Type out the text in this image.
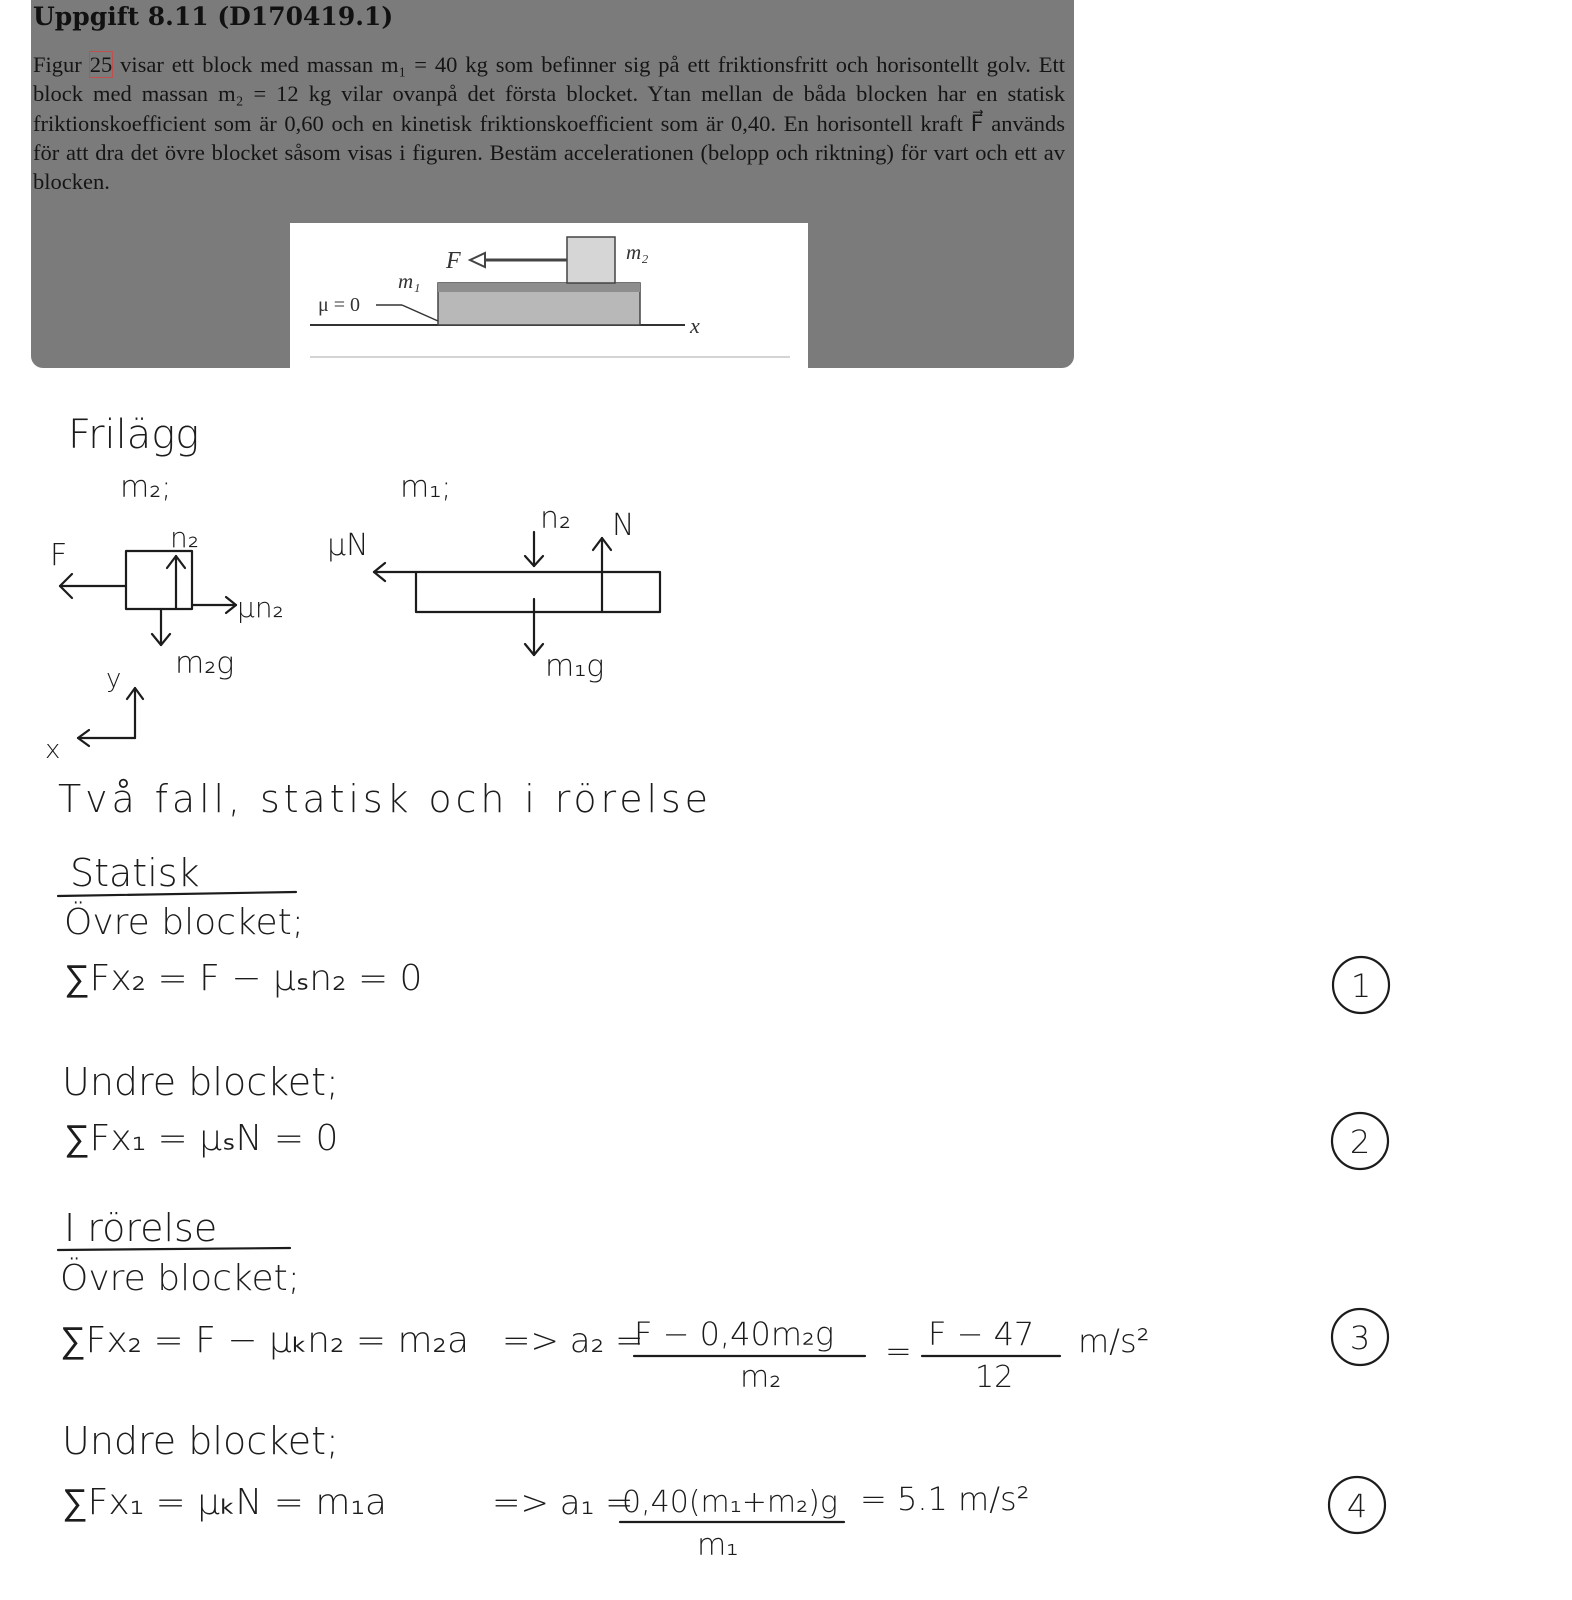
Uppgift 8.11 (D170419.1)

Figur 25 visar ett block med massan m₁ = 40 kg som befinner sig på ett friktionsfritt och horisontellt golv. Ett block med massan m₂ = 12 kg vilar ovanpå det första blocket. Ytan mellan de båda blocken har en statisk friktionskoefficient som är 0,60 och en kinetisk friktionskoefficient som är 0,40. En horisontell kraft F⃗ används för att dra det övre blocket såsom visas i figuren. Bestäm accelerationen (belopp och riktning) för vart och ett av blocken.

F⃗	m₂
m₁
μ = 0
x
Frilägg
m₂;
F
n₂
μn₂
m₂g
y
x
m₁;
μN
n₂ N
m₁g
Två fall, statisk och i rörelse
Statisk
Övre blocket;
∑Fx₂ = F − μₛn₂ = 0	1
Undre blocket;
∑Fx₁ = μₛN = 0	2
I rörelse
Övre blocket;
∑Fx₂ = F − μₖn₂ = m₂a => a₂ =
F − 0,40m₂g
m₂
= F − 47
12
m/s²	3
Undre blocket;
∑Fx₁ = μₖN = m₁a	=> a₁ =
0,40(m₁+m₂)g
m₁
= 5.1 m/s²	4
